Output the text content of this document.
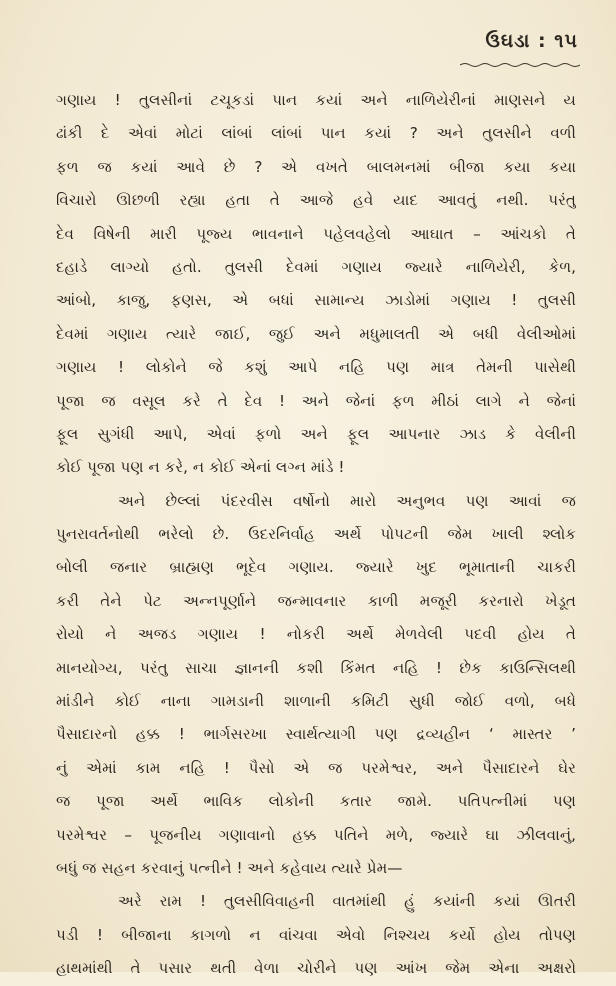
ઉઘડા : ૧૫
ગણાય ! તુલસીનાં ટચૂકડાં પાન કયાં અને નાળિયેરીનાં માણસને ય
ઢાંકી દે એવાં મોટાં લાંબાં લાંબાં પાન કયાં ? અને તુલસીને વળી
ફળ જ કયાં આવે છે ? એ વખતે બાલમનમાં બીજા કયા કયા
વિચારો ઊછળી રહ્યા હતા તે આજે હવે યાદ આવતું નથી. પરંતુ
દેવ વિષેની મારી પૂજ્ય ભાવનાને પહેલવહેલો આઘાત – આંચકો તે
દહાડે લાગ્યો હતો. તુલસી દેવમાં ગણાય જ્યારે નાળિયેરી, કેળ,
આંબો, કાજુ, ફણસ, એ બધાં સામાન્ય ઝાડોમાં ગણાય ! તુલસી
દેવમાં ગણાય ત્યારે જાઈ, જુઈ અને મધુમાલતી એ બધી વેલીઓમાં
ગણાય ! લોકોને જે કશું આપે નહિ પણ માત્ર તેમની પાસેથી
પૂજા જ વસૂલ કરે તે દેવ ! અને જેનાં ફળ મીઠાં લાગે ને જેનાં
ફૂલ સુગંધી આપે, એવાં ફળો અને ફૂલ આપનાર ઝાડ કે વેલીની
કોઈ પૂજા પણ ન કરે, ન કોઈ એનાં લગ્ન માંડે !
અને છેલ્લાં પંદરવીસ વર્ષોનો મારો અનુભવ પણ આવાં જ
પુનરાવર્તનોથી ભરેલો છે. ઉદરનિર્વાહ અર્થે પોપટની જેમ ખાલી શ્લોક
બોલી જનાર બ્રાહ્મણ ભૂદેવ ગણાય. જ્યારે ખુદ ભૂમાતાની ચાકરી
કરી તેને પેટ અન્નપૂર્ણાને જન્માવનાર કાળી મજૂરી કરનારો ખેડૂત
રોયો ને અજડ ગણાય ! નોકરી અર્થે મેળવેલી પદવી હોય તે
માનયોગ્ય, પરંતુ સાચા જ્ઞાનની કશી કિંમત નહિ ! છેક કાઉન્સિલથી
માંડીને કોઈ નાના ગામડાની શાળાની કમિટી સુધી જોઈ વળો, બધે
પૈસાદારનો હક્ક ! ભાર્ગસરખા સ્વાર્થત્યાગી પણ દ્રવ્યહીન ‘ માસ્તર ’
નું એમાં કામ નહિ ! પૈસો એ જ પરમેશ્વર, અને પૈસાદારને ઘેર
જ પૂજા અર્થે ભાવિક લોકોની કતાર જામે. પતિપત્નીમાં પણ
પરમેશ્વર – પૂજનીય ગણાવાનો હક્ક પતિને મળે, જ્યારે ઘા ઝીલવાનું,
બધું જ સહન કરવાનું પત્નીને ! અને કહેવાય ત્યારે પ્રેમ—
અરે રામ ! તુલસીવિવાહની વાતમાંથી હું કયાંની કયાં ઊતરી
પડી ! બીજાના કાગળો ન વાંચવા એવો નિશ્ચય કર્યો હોય તોપણ
હાથમાંથી તે પસાર થતી વેળા ચોરીને પણ આંખ જેમ એના અક્ષરો
